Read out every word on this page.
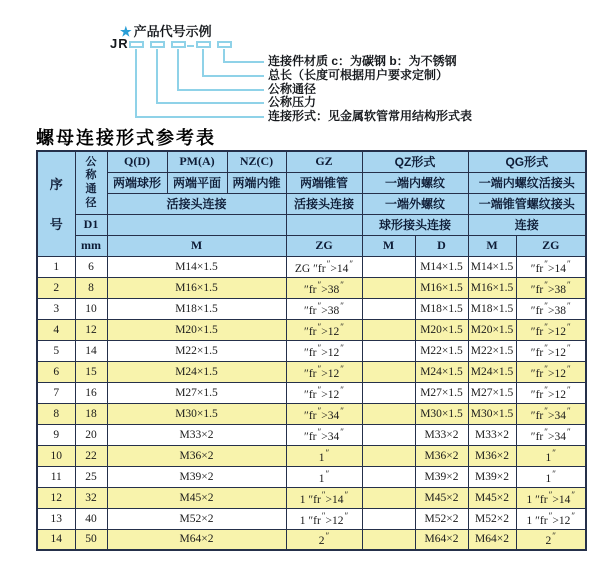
★ 产品代号示例
JR
连接件材质 c：为碳钢 b：为不锈钢
总长（长度可根据用户要求定制）
公称通径
公称压力
连接形式：见金属软管常用结构形式表
螺母连接形式参考表
序
号	公
称
通
径	Q(D)	PM(A)	NZ(C)	GZ	QZ形式		QG形式	
		两端球形	两端平面	两端内锥	两端锥管	一端内螺纹		一端内螺纹活接头	
		活接头连接			活接头连接	一端外螺纹		一端锥管螺纹接头	
	D1					球形接头连接		连接	
	mm	M			ZG	M	D	M	ZG
1	6	M14×1.5			ZG ″fr″>14″		M14×1.5	M14×1.5	″fr″>14″
2	8	M16×1.5			″fr″>38″		M16×1.5	M16×1.5	″fr″>38″
3	10	M18×1.5			″fr″>38″		M18×1.5	M18×1.5	″fr″>38″
4	12	M20×1.5			″fr″>12″		M20×1.5	M20×1.5	″fr″>12″
5	14	M22×1.5			″fr″>12″		M22×1.5	M22×1.5	″fr″>12″
6	15	M24×1.5			″fr″>12″		M24×1.5	M24×1.5	″fr″>12″
7	16	M27×1.5			″fr″>12″		M27×1.5	M27×1.5	″fr″>12″
8	18	M30×1.5			″fr″>34″		M30×1.5	M30×1.5	″fr″>34″
9	20	M33×2			″fr″>34″		M33×2	M33×2	″fr″>34″
10	22	M36×2			1″		M36×2	M36×2	1″
11	25	M39×2			1″		M39×2	M39×2	1″
12	32	M45×2			1 ″fr″>14″		M45×2	M45×2	1 ″fr″>14″
13	40	M52×2			1 ″fr″>12″		M52×2	M52×2	1 ″fr″>12″
14	50	M64×2			2″		M64×2	M64×2	2″
